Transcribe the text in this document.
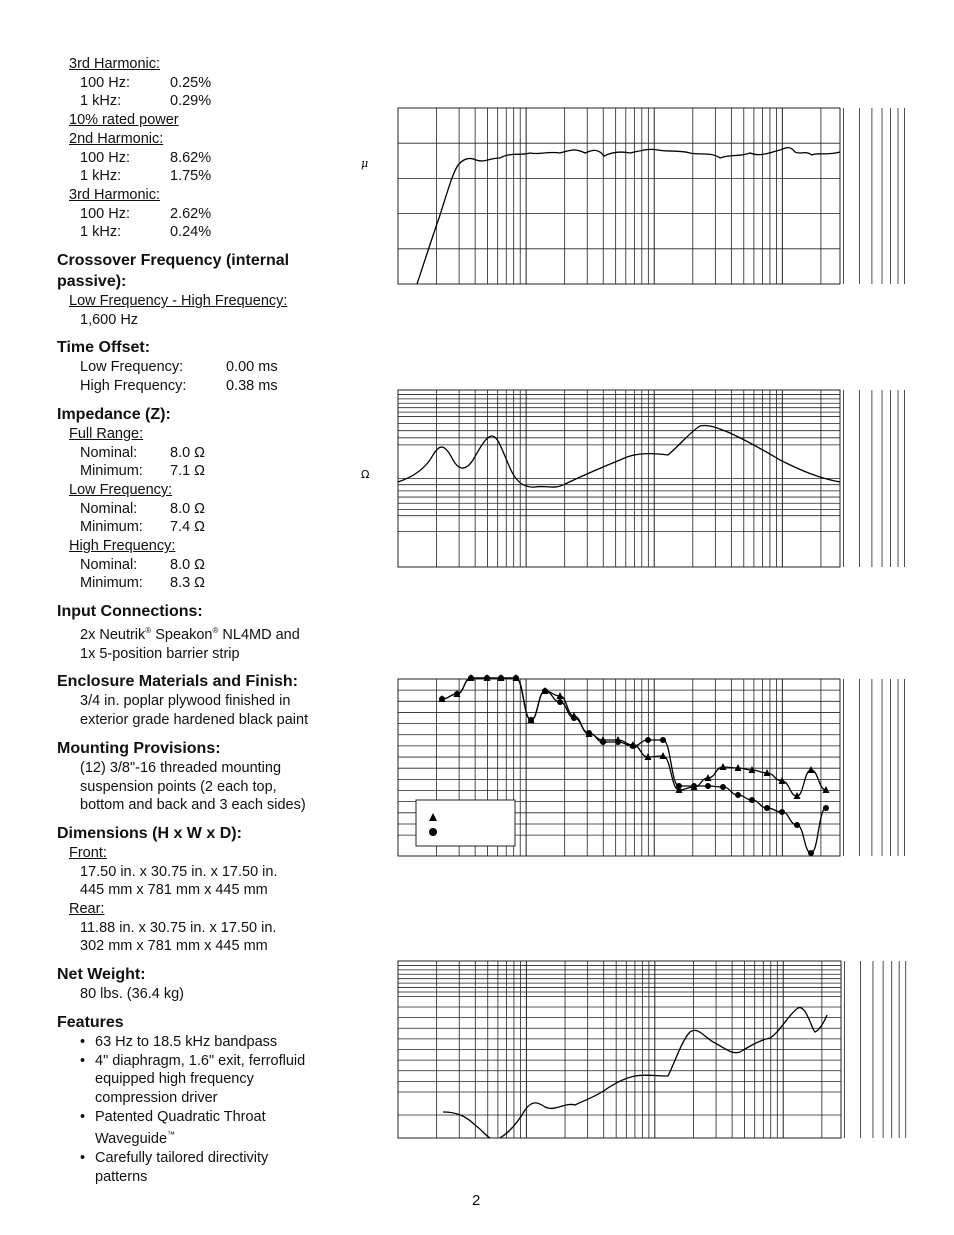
3rd Harmonic:
100 Hz:	0.25%
1 kHz:	0.29%
10% rated power
2nd Harmonic:
100 Hz:	8.62%
1 kHz:	1.75%
3rd Harmonic:
100 Hz:	2.62%
1 kHz:	0.24%
Crossover Frequency (internal passive):
Low Frequency - High Frequency:
1,600 Hz
Time Offset:
Low Frequency:	0.00 ms
High Frequency:	0.38 ms
Impedance (Z):
Full Range:
Nominal:	8.0 Ω
Minimum:	7.1 Ω
Low Frequency:
Nominal:	8.0 Ω
Minimum:	7.4 Ω
High Frequency:
Nominal:	8.0 Ω
Minimum:	8.3 Ω
Input Connections:
2x Neutrik® Speakon® NL4MD and
1x 5-position barrier strip
Enclosure Materials and Finish:
3/4 in. poplar plywood finished in
exterior grade hardened black paint
Mounting Provisions:
(12) 3/8"-16 threaded mounting
suspension points (2 each top,
bottom and back and 3 each sides)
Dimensions (H x W x D):
Front:
17.50 in. x 30.75 in. x 17.50 in.
445 mm x 781 mm x 445 mm
Rear:
11.88 in. x 30.75 in. x 17.50 in.
302 mm x 781 mm x 445 mm
Net Weight:
80 lbs. (36.4 kg)
Features
• 63 Hz to 18.5 kHz bandpass
• 4" diaphragm, 1.6" exit, ferrofluid
equipped high frequency
compression driver
• Patented Quadratic Throat
Waveguide™
• Carefully tailored directivity
patterns
μ
Ω
2
